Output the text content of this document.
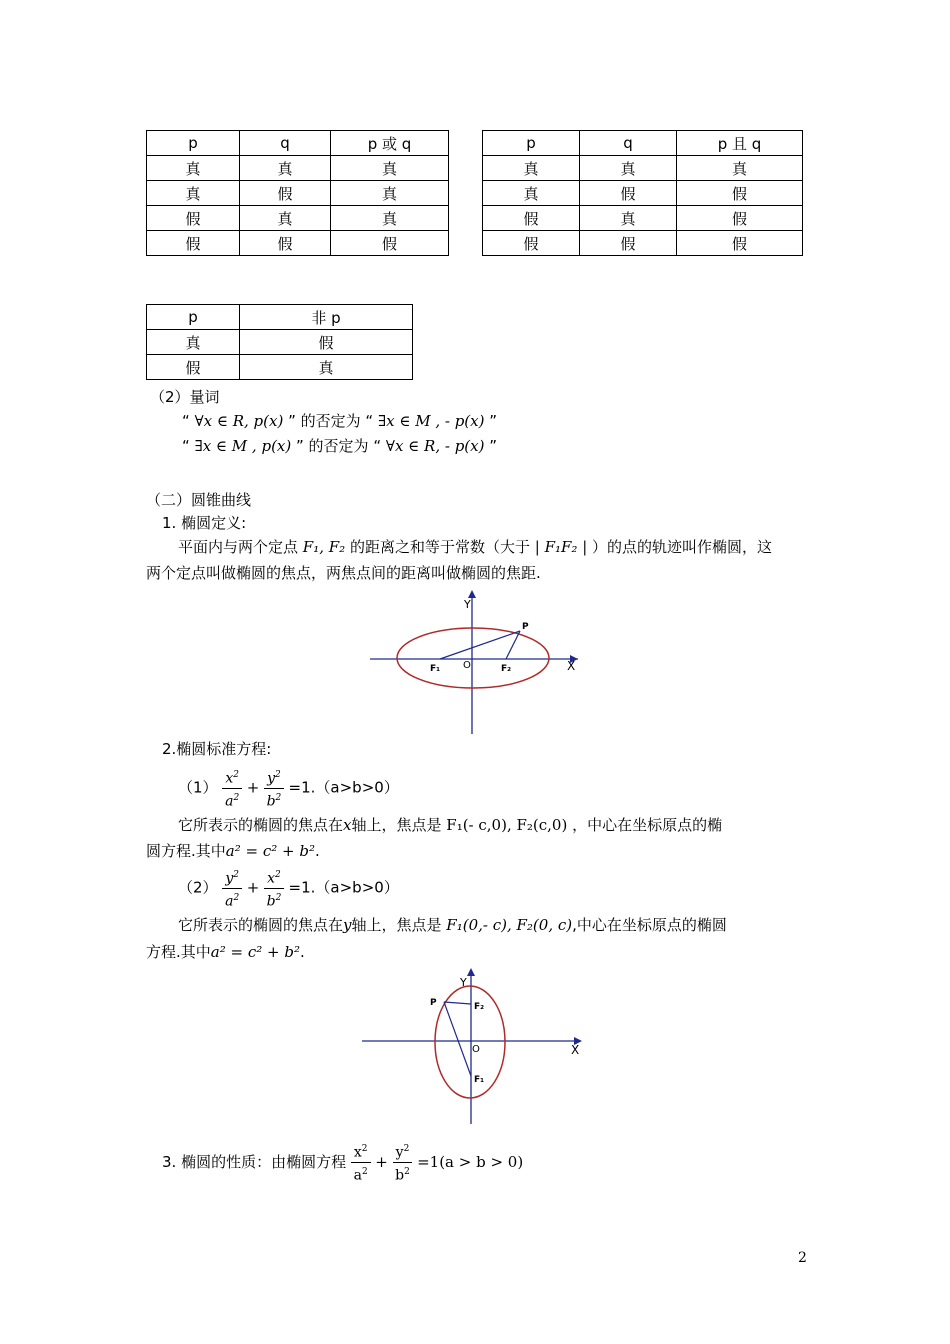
p	q	p 或 q
真	真	真
真	假	真
假	真	真
假	假	假
p	q	p 且 q
真	真	真
真	假	假
假	真	假
假	假	假
p	非 p
真	假
假	真
（2）量词
“ ∀x ∈ R, p(x) ” 的否定为 “ ∃x ∈ M , - p(x) ”
“ ∃x ∈ M , p(x) ” 的否定为 “ ∀x ∈ R, - p(x) ”
（二）圆锥曲线
1. 椭圆定义:
平面内与两个定点 F₁, F₂ 的距离之和等于常数（大于 | F₁F₂ | ）的点的轨迹叫作椭圆，这
两个定点叫做椭圆的焦点，两焦点间的距离叫做椭圆的焦距.
Y
X
P
O
F₁	F₂
2.椭圆标准方程:
$(1) \frac{x^2}{a^2} + \frac{y^2}{b^2} =1.(a>b>0)$
它所表示的椭圆的焦点在x轴上，焦点是 F₁(- c,0), F₂(c,0) ，中心在坐标原点的椭
圆方程.其中a² = c² + b².
$(2) \frac{y^2}{a^2} + \frac{x^2}{b^2} =1.(a>b>0)$
它所表示的椭圆的焦点在y轴上，焦点是 F₁(0,- c), F₂(0, c),中心在坐标原点的椭圆
方程.其中a² = c² + b².
Y
X
P
O
F₂
F₁
3. 椭圆的性质：由椭圆方程 $\frac{x^2}{a^2} + \frac{y^2}{b^2} =1(a > b > 0)$
2
